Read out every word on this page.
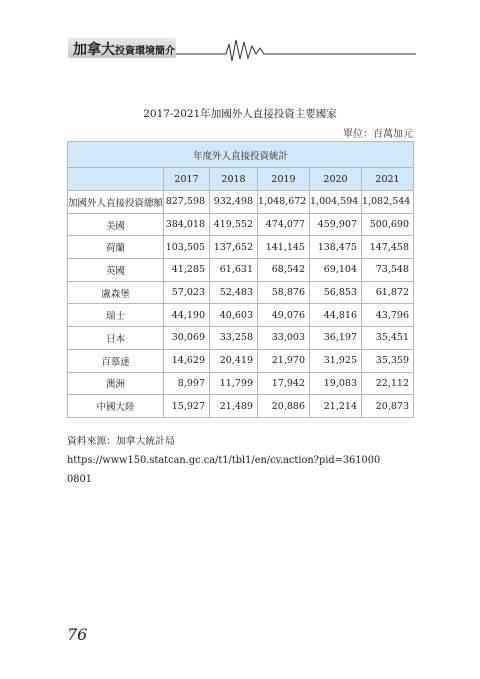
加拿大投資環境簡介
2017-2021年加國外人直接投資主要國家
單位：百萬加元
年度外人直接投資統計					
	2017	2018	2019	2020	2021
加國外人直接投資總額	827,598	932,498	1,048,672	1,004,594	1,082,544
美國	384,018	419,552	474,077	459,907	500,690
荷蘭	103,505	137,652	141,145	138,475	147,458
英國	41,285	61,631	68,542	69,104	73,548
盧森堡	57,023	52,483	58,876	56,853	61,872
瑞士	44,190	40,603	49,076	44,816	43,796
日本	30,069	33,258	33,003	36,197	35,451
百慕達	14,629	20,419	21,970	31,925	35,359
澳洲	8,997	11,799	17,942	19,083	22,112
中國大陸	15,927	21,489	20,886	21,214	20,873
資料來源：加拿大統計局https://www150.statcan.gc.ca/t1/tbl1/en/cv.action?pid=361000
0801
76
